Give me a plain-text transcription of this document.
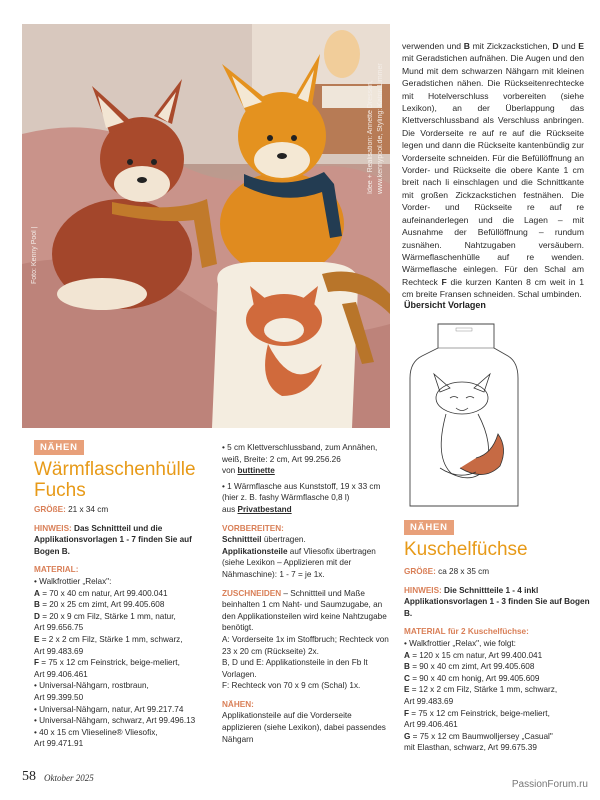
Foto: Kenny Pool |
Idee + Realisation: Annette Dressen, www.kennypool.de, Styling: Katrin Limmer
verwenden und B mit Zickzackstichen, D und E mit Geradstichen aufnähen. Die Augen und den Mund mit dem schwarzen Nähgarn mit kleinen Geradstichen nähen. Die Rückseitenrechtecke mit Hotelverschluss vorbereiten (siehe Lexikon), an der Überlappung das Klettverschlussband als Verschluss anbringen. Die Vorderseite re auf re auf die Rückseite legen und dann die Rückseite kantenbündig zur Vorderseite schneiden. Für die Befüllöffnung an Vorder- und Rückseite die obere Kante 1 cm breit nach li einschlagen und die Schnittkante mit großen Zickzackstichen festnähen. Die Vorder- und Rückseite re auf re aufeinanderlegen und die Lagen – mit Ausnahme der Befüllöffnung – rundum zusnähen. Nahtzugaben versäubern. Wärmeflaschenhülle auf re wenden. Wärmeflasche einlegen. Für den Schal am Rechteck F die kurzen Kanten 8 cm weit in 1 cm breite Fransen schneiden. Schal umbinden.
Übersicht Vorlagen
NÄHEN
Wärmflaschenhülle
Fuchs

GRÖßE: 21 x 34 cm

HINWEIS: Das Schnittteil und die Applikationsvorlagen 1 - 7 finden Sie auf Bogen B.

MATERIAL:

• Walkfrottier „Relax":

A = 70 x 40 cm natur, Art 99.400.041

B = 20 x 25 cm zimt, Art 99.405.608

D = 20 x 9 cm Filz, Stärke 1 mm, natur,

Art 99.656.75

E = 2 x 2 cm Filz, Stärke 1 mm, schwarz,

Art 99.483.69

F = 75 x 12 cm Feinstrick, beige-meliert,

Art 99.406.461

• Universal-Nähgarn, rostbraun,

Art 99.399.50

• Universal-Nähgarn, natur, Art 99.217.74

• Universal-Nähgarn, schwarz, Art 99.496.13

• 40 x 15 cm Vlieseline® Vliesofix,

Art 99.471.91

• 5 cm Klettverschlussband, zum Annähen, weiß, Breite: 2 cm, Art 99.256.26

von buttinette

• 1 Wärmflasche aus Kunststoff, 19 x 33 cm (hier z. B. fashy Wärmflasche 0,8 l)

aus Privatbestand

VORBEREITEN:

Schnittteil übertragen.

Applikationsteile auf Vliesofix übertragen (siehe Lexikon – Applizieren mit der Nähmaschine): 1 - 7 = je 1x.

ZUSCHNEIDEN – Schnittteil und Maße beinhalten 1 cm Naht- und Saumzugabe, an den Applikationsteilen wird keine Nahtzugabe benötigt.

A: Vorderseite 1x im Stoffbruch; Rechteck von 23 x 20 cm (Rückseite) 2x.

B, D und E: Applikationsteile in den Fb lt Vorlagen.

F: Rechteck von 70 x 9 cm (Schal) 1x.

NÄHEN:

Applikationsteile auf die Vorderseite applizieren (siehe Lexikon), dabei passendes Nähgarn

NÄHEN
Kuschelfüchse

GRÖßE: ca 28 x 35 cm

HINWEIS: Die Schnittteile 1 - 4 inkl Applikationsvorlagen 1 - 3 finden Sie auf Bogen B.

MATERIAL für 2 Kuschelfüchse:

• Walkfrottier „Relax", wie folgt:

A = 120 x 15 cm natur, Art 99.400.041

B = 90 x 40 cm zimt, Art 99.405.608

C = 90 x 40 cm honig, Art 99.405.609

E = 12 x 2 cm Filz, Stärke 1 mm, schwarz,

Art 99.483.69

F = 75 x 12 cm Feinstrick, beige-meliert,

Art 99.406.461

G = 75 x 12 cm Baumwolljersey „Casual"

mit Elasthan, schwarz, Art 99.675.39

58 Oktober 2025
PassionForum.ru
